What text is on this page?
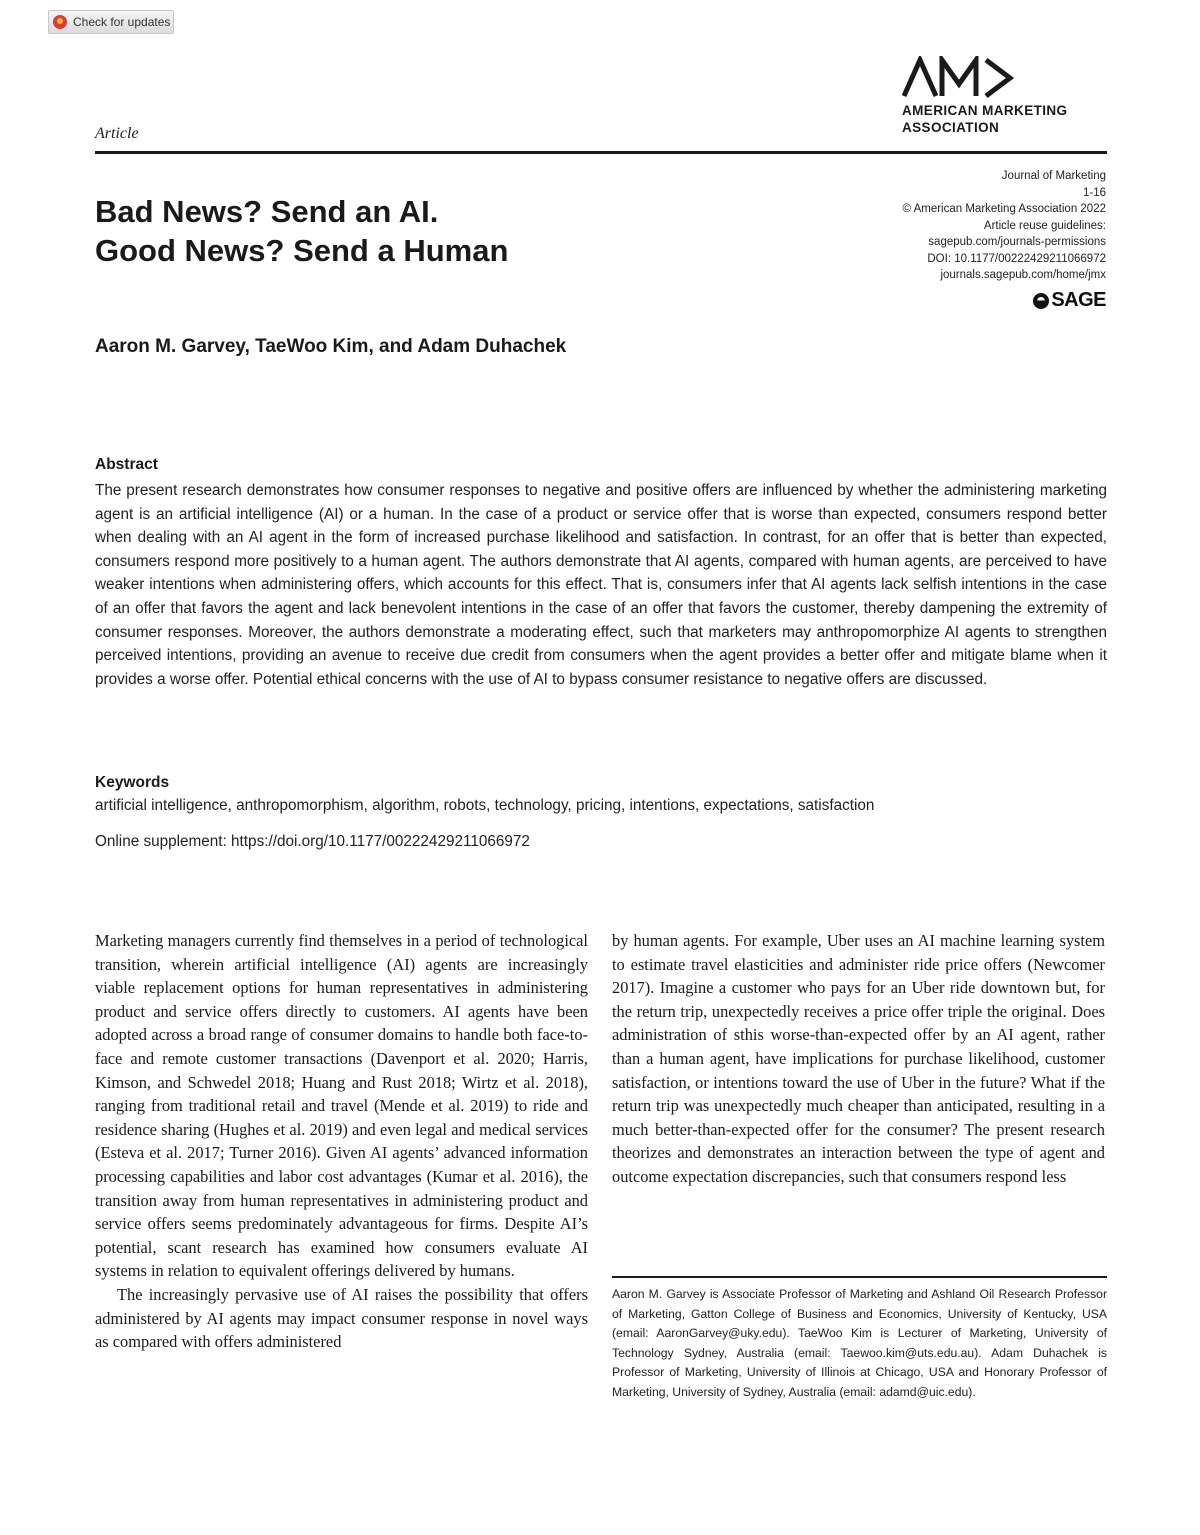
Check for updates
AMERICAN MARKETING
ASSOCIATION
Article
Journal of Marketing
1-16
© American Marketing Association 2022
Article reuse guidelines:
sagepub.com/journals-permissions
DOI: 10.1177/00222429211066972
journals.sagepub.com/home/jmx
SAGE
Bad News? Send an AI.
Good News? Send a Human
Aaron M. Garvey, TaeWoo Kim, and Adam Duhachek
Abstract
The present research demonstrates how consumer responses to negative and positive offers are influenced by whether the administering marketing agent is an artificial intelligence (AI) or a human. In the case of a product or service offer that is worse than expected, consumers respond better when dealing with an AI agent in the form of increased purchase likelihood and satisfaction. In contrast, for an offer that is better than expected, consumers respond more positively to a human agent. The authors demonstrate that AI agents, compared with human agents, are perceived to have weaker intentions when administering offers, which accounts for this effect. That is, consumers infer that AI agents lack selfish intentions in the case of an offer that favors the agent and lack benevolent intentions in the case of an offer that favors the customer, thereby dampening the extremity of consumer responses. Moreover, the authors demonstrate a moderating effect, such that marketers may anthropomorphize AI agents to strengthen perceived intentions, providing an avenue to receive due credit from consumers when the agent provides a better offer and mitigate blame when it provides a worse offer. Potential ethical concerns with the use of AI to bypass consumer resistance to negative offers are discussed.
Keywords
artificial intelligence, anthropomorphism, algorithm, robots, technology, pricing, intentions, expectations, satisfaction
Online supplement: https://doi.org/10.1177/00222429211066972

Marketing managers currently find themselves in a period of technological transition, wherein artificial intelligence (AI) agents are increasingly viable replacement options for human representatives in administering product and service offers directly to customers. AI agents have been adopted across a broad range of consumer domains to handle both face-to-face and remote customer transactions (Davenport et al. 2020; Harris, Kimson, and Schwedel 2018; Huang and Rust 2018; Wirtz et al. 2018), ranging from traditional retail and travel (Mende et al. 2019) to ride and residence sharing (Hughes et al. 2019) and even legal and medical services (Esteva et al. 2017; Turner 2016). Given AI agents’ advanced information processing capabilities and labor cost advantages (Kumar et al. 2016), the transition away from human representatives in administering product and service offers seems predominately advantageous for firms. Despite AI’s potential, scant research has examined how consumers evaluate AI systems in relation to equivalent offerings delivered by humans.

The increasingly pervasive use of AI raises the possibility that offers administered by AI agents may impact consumer response in novel ways as compared with offers administered

by human agents. For example, Uber uses an AI machine learning system to estimate travel elasticities and administer ride price offers (Newcomer 2017). Imagine a customer who pays for an Uber ride downtown but, for the return trip, unexpectedly receives a price offer triple the original. Does administration of sthis worse-than-expected offer by an AI agent, rather than a human agent, have implications for purchase likelihood, customer satisfaction, or intentions toward the use of Uber in the future? What if the return trip was unexpectedly much cheaper than anticipated, resulting in a much better-than-expected offer for the consumer? The present research theorizes and demonstrates an interaction between the type of agent and outcome expectation discrepancies, such that consumers respond less

Aaron M. Garvey is Associate Professor of Marketing and Ashland Oil Research Professor of Marketing, Gatton College of Business and Economics, University of Kentucky, USA (email: AaronGarvey@uky.edu). TaeWoo Kim is Lecturer of Marketing, University of Technology Sydney, Australia (email: Taewoo.kim@uts.edu.au). Adam Duhachek is Professor of Marketing, University of Illinois at Chicago, USA and Honorary Professor of Marketing, University of Sydney, Australia (email: adamd@uic.edu).
